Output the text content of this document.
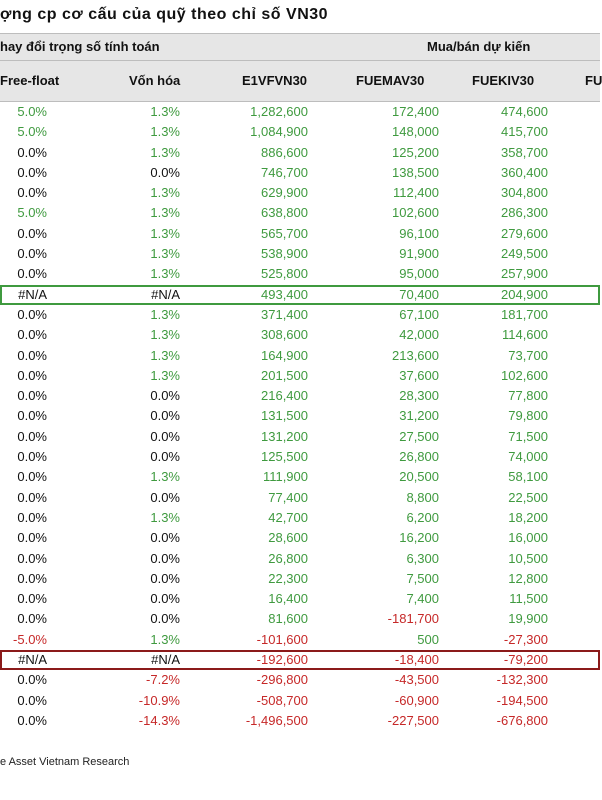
ợng cp cơ cấu của quỹ theo chỉ số VN30
hay đổi trọng số tính toán	Mua/bán dự kiến
Free-float	Vốn hóa	E1VFVN30	FUEMAV30	FUEKIV30	FU
5.0%	1.3%	1,282,600	172,400	474,600
5.0%	1.3%	1,084,900	148,000	415,700
0.0%	1.3%	886,600	125,200	358,700
0.0%	0.0%	746,700	138,500	360,400
0.0%	1.3%	629,900	112,400	304,800
5.0%	1.3%	638,800	102,600	286,300
0.0%	1.3%	565,700	96,100	279,600
0.0%	1.3%	538,900	91,900	249,500
0.0%	1.3%	525,800	95,000	257,900
#N/A	#N/A	493,400	70,400	204,900
0.0%	1.3%	371,400	67,100	181,700
0.0%	1.3%	308,600	42,000	114,600
0.0%	1.3%	164,900	213,600	73,700
0.0%	1.3%	201,500	37,600	102,600
0.0%	0.0%	216,400	28,300	77,800
0.0%	0.0%	131,500	31,200	79,800
0.0%	0.0%	131,200	27,500	71,500
0.0%	0.0%	125,500	26,800	74,000
0.0%	1.3%	111,900	20,500	58,100
0.0%	0.0%	77,400	8,800	22,500
0.0%	1.3%	42,700	6,200	18,200
0.0%	0.0%	28,600	16,200	16,000
0.0%	0.0%	26,800	6,300	10,500
0.0%	0.0%	22,300	7,500	12,800
0.0%	0.0%	16,400	7,400	11,500
0.0%	0.0%	81,600	-181,700	19,900
-5.0%	1.3%	-101,600	500	-27,300
#N/A	#N/A	-192,600	-18,400	-79,200
0.0%	-7.2%	-296,800	-43,500	-132,300
0.0%	-10.9%	-508,700	-60,900	-194,500
0.0%	-14.3%	-1,496,500	-227,500	-676,800
e Asset Vietnam Research
